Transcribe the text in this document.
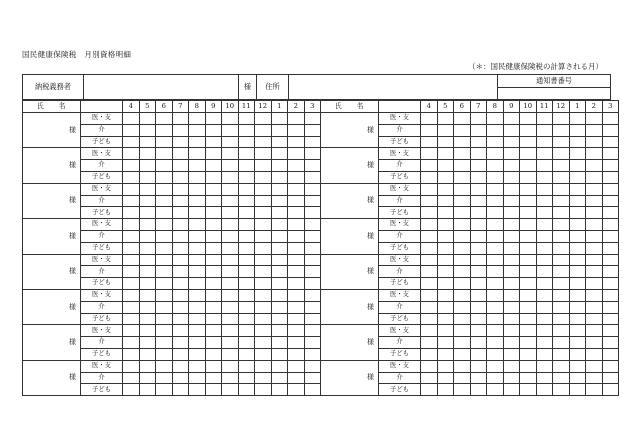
国民健康保険税　月別資格明細
（＊：国民健康保険税の計算される月）
納税義務者		様	住所		通知書番号

氏　　名		4	5	6	7	8	9	10	11	12	1	2	3	氏　　名		4	5	6	7	8	9	10	11	12	1	2	3
様	医・支													様	医・支												
	介														介												
	子ども														子ども												
様	医・支													様	医・支												
	介														介												
	子ども														子ども												
様	医・支													様	医・支												
	介														介												
	子ども														子ども												
様	医・支													様	医・支												
	介														介												
	子ども														子ども												
様	医・支													様	医・支												
	介														介												
	子ども														子ども												
様	医・支													様	医・支												
	介														介												
	子ども														子ども												
様	医・支													様	医・支												
	介														介												
	子ども														子ども												
様	医・支													様	医・支												
	介														介												
	子ども														子ども												
